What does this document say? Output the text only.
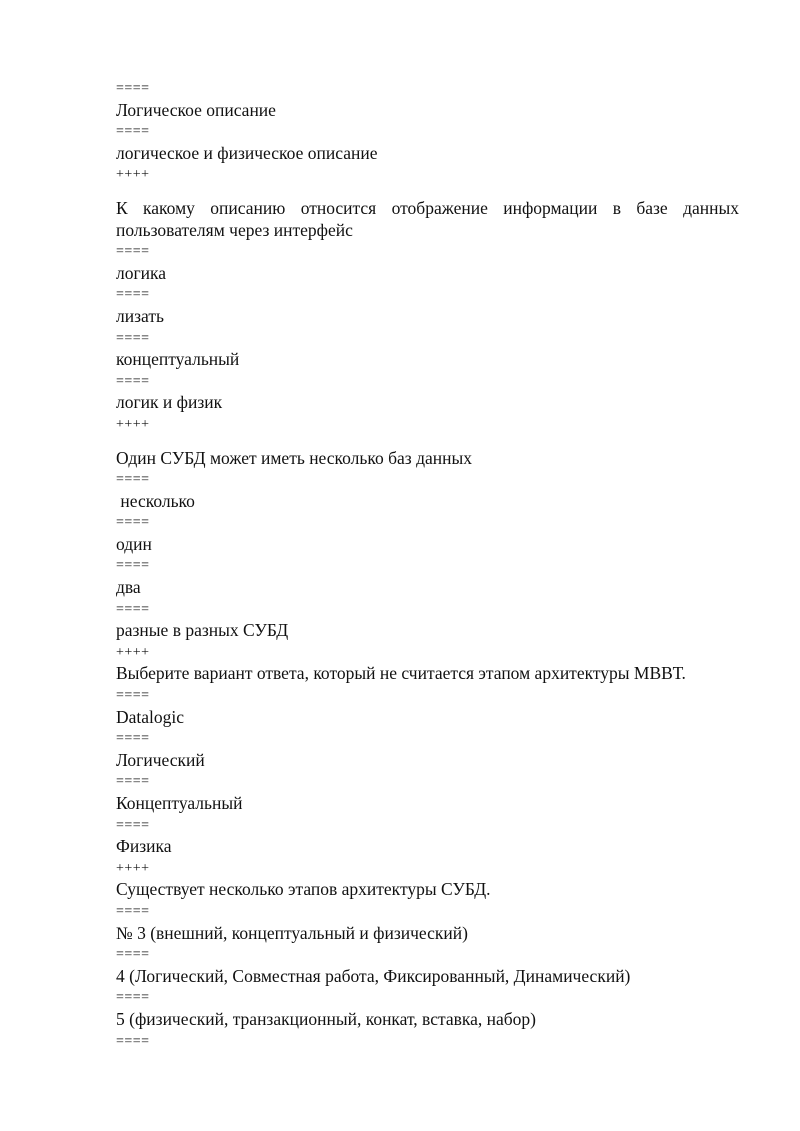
====
Логическое описание
====
логическое и физическое описание
++++
К какому описанию относится отображение информации в базе данных пользователям через интерфейс
====
логика
====
лизать
====
концептуальный
====
логик и физик
++++
Один СУБД может иметь несколько баз данных
====
несколько
====
один
====
два
====
разные в разных СУБД
++++
Выберите вариант ответа, который не считается этапом архитектуры МВВТ.
====
Datalogic
====
Логический
====
Концептуальный
====
Физика
++++
Существует несколько этапов архитектуры СУБД.
====
№ 3 (внешний, концептуальный и физический)
====
4 (Логический, Совместная работа, Фиксированный, Динамический)
====
5 (физический, транзакционный, конкат, вставка, набор)
====
